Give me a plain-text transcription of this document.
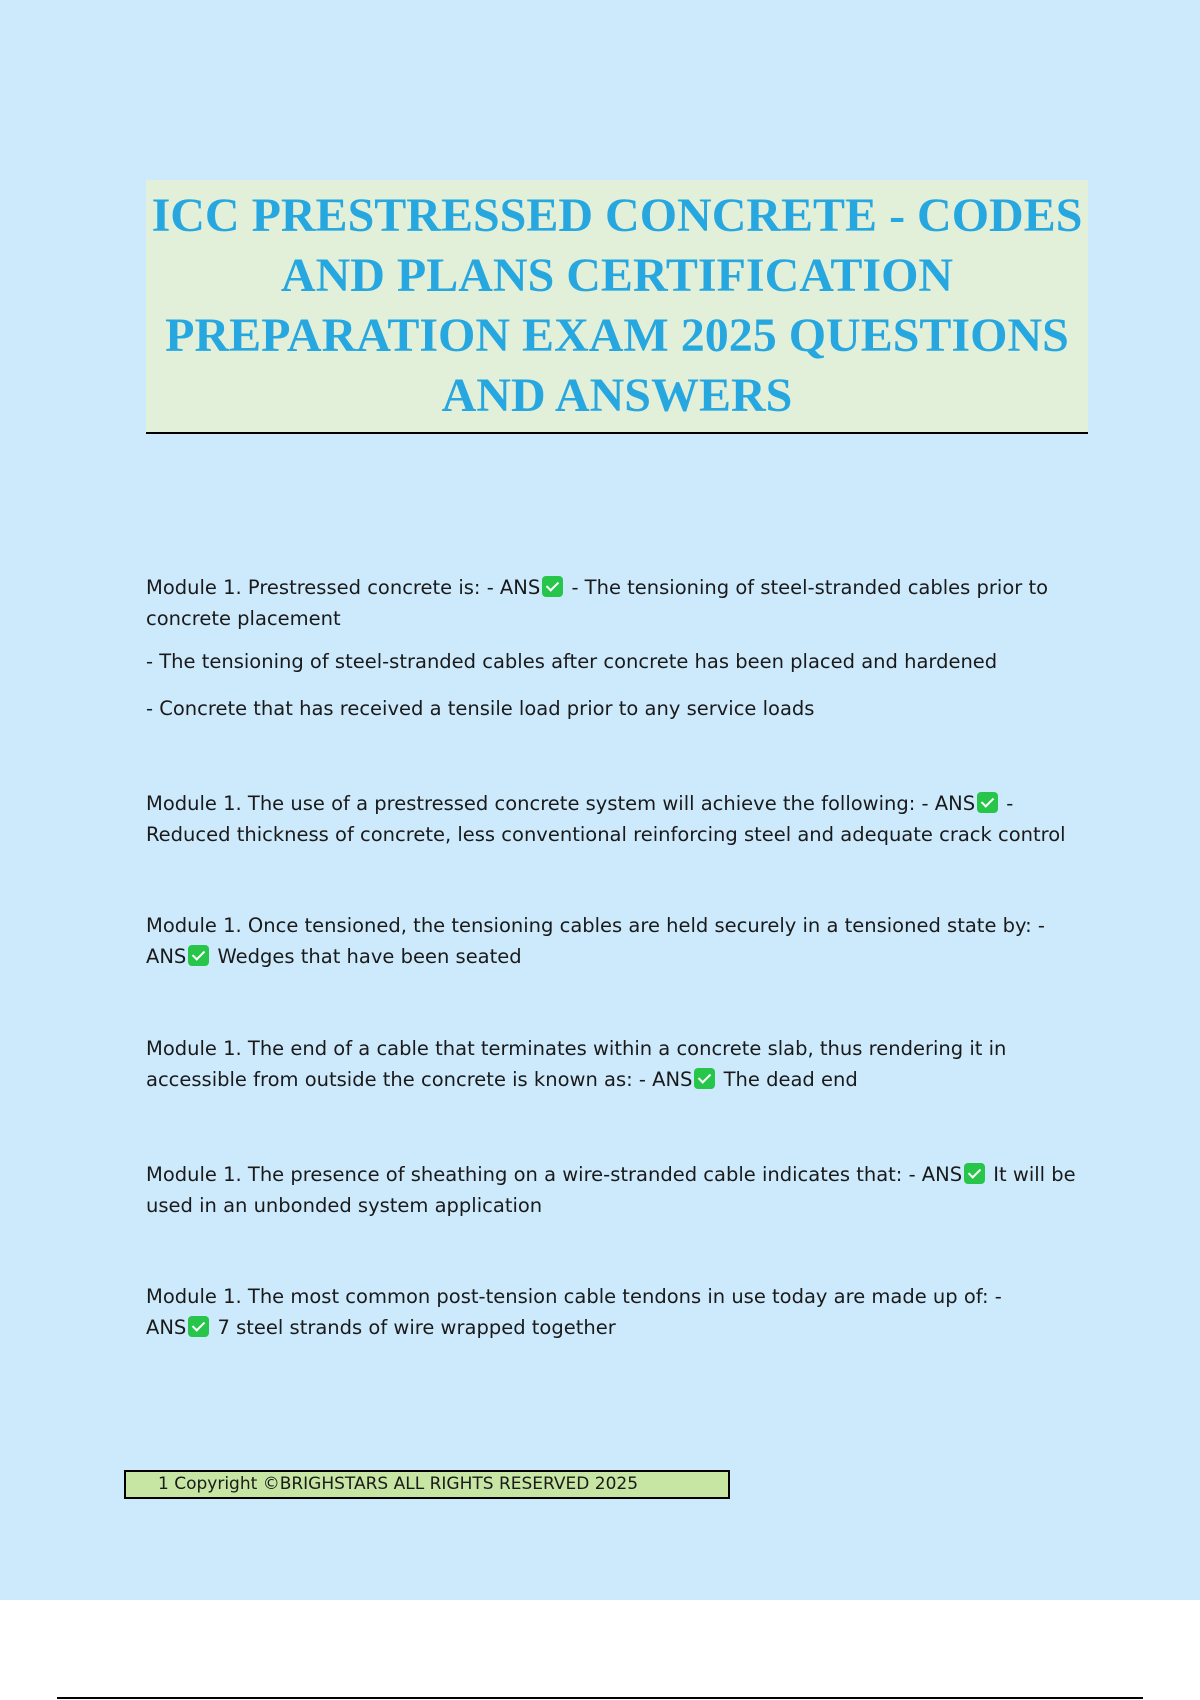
ICC PRESTRESSED CONCRETE - CODES
AND PLANS CERTIFICATION
PREPARATION EXAM 2025 QUESTIONS
AND ANSWERS
Module 1. Prestressed concrete is: - ANS - The tensioning of steel-stranded cables prior to
concrete placement
- The tensioning of steel-stranded cables after concrete has been placed and hardened
- Concrete that has received a tensile load prior to any service loads
Module 1. The use of a prestressed concrete system will achieve the following: - ANS -
Reduced thickness of concrete, less conventional reinforcing steel and adequate crack control
Module 1. Once tensioned, the tensioning cables are held securely in a tensioned state by: -
ANS Wedges that have been seated
Module 1. The end of a cable that terminates within a concrete slab, thus rendering it in
accessible from outside the concrete is known as: - ANS The dead end
Module 1. The presence of sheathing on a wire-stranded cable indicates that: - ANS It will be
used in an unbonded system application
Module 1. The most common post-tension cable tendons in use today are made up of: -
ANS 7 steel strands of wire wrapped together
1 Copyright ©BRIGHSTARS ALL RIGHTS RESERVED 2025
